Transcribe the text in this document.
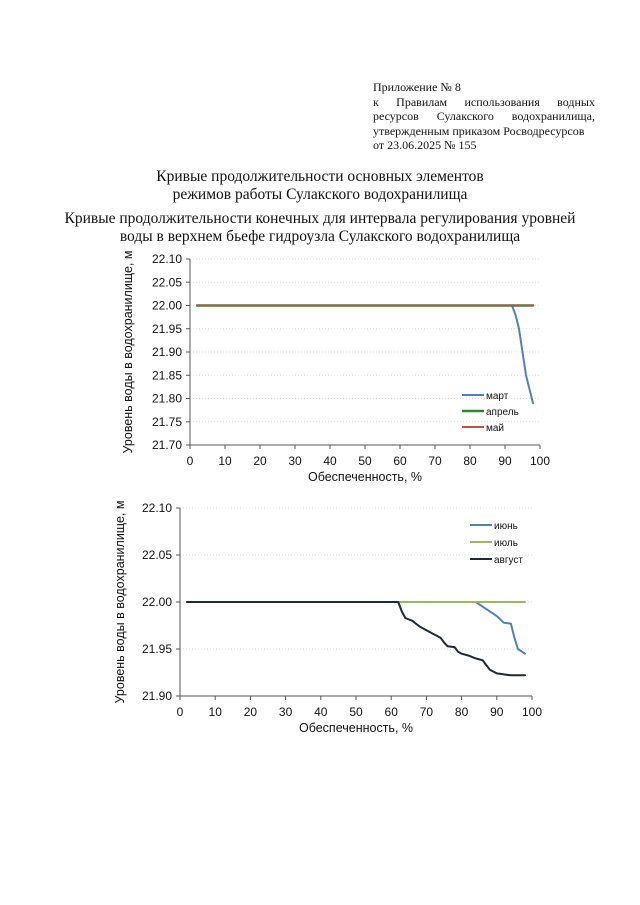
Приложение № 8
к Правилам использования водных
ресурсов Сулакского водохранилища,
утвержденным приказом Росводресурсов
от 23.06.2025 № 155
Кривые продолжительности основных элементов
режимов работы Сулакского водохранилища
Кривые продолжительности конечных для интервала регулирования уровней
воды в верхнем бьефе гидроузла Сулакского водохранилища
22.10
22.05
22.00
21.95
21.90
21.85
21.80
21.75
21.70
0 10 20 30 40 50 60 70 80 90 100
Обеспеченность, %
Уровень воды в водохранилище, м	март
апрель
май
22.10
22.05
22.00
21.95
21.90
0 10 20 30 40 50 60 70 80 90 100
Обеспеченность, %
Уровень воды в водохранилище, м	июнь
июль
август
